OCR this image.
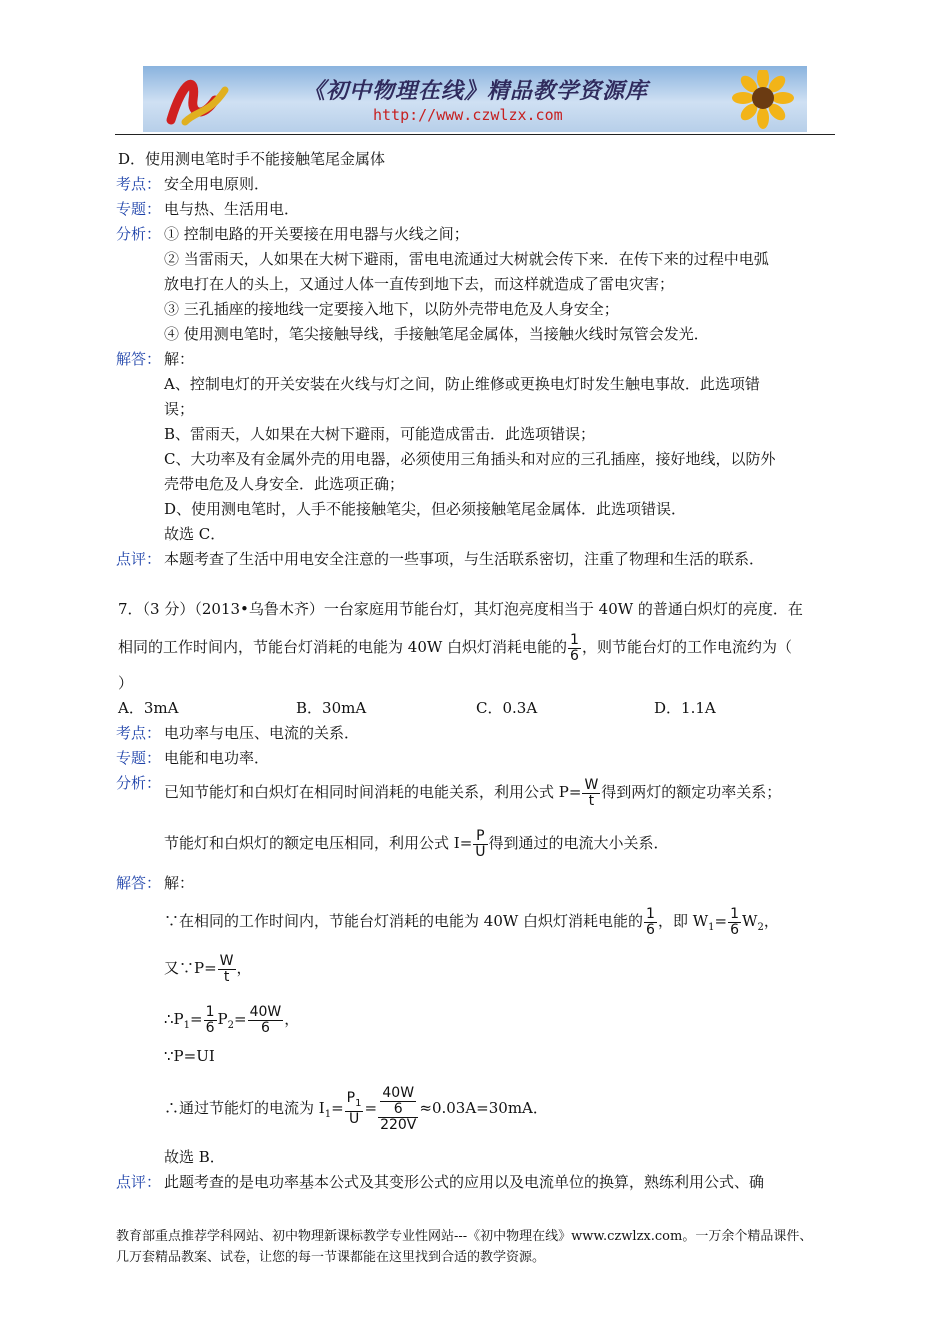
《初中物理在线》精品教学资源库
http://www.czwlzx.com
D．使用测电笔时手不能接触笔尾金属体
考点： 安全用电原则．
专题： 电与热、生活用电．
分析： ① 控制电路的开关要接在用电器与火线之间；
② 当雷雨天，人如果在大树下避雨，雷电电流通过大树就会传下来．在传下来的过程中电弧
放电打在人的头上，又通过人体一直传到地下去，而这样就造成了雷电灾害；
③ 三孔插座的接地线一定要接入地下，以防外壳带电危及人身安全；
④ 使用测电笔时，笔尖接触导线，手接触笔尾金属体，当接触火线时氖管会发光．
解答： 解：
A、控制电灯的开关安装在火线与灯之间，防止维修或更换电灯时发生触电事故．此选项错
误；
B、雷雨天，人如果在大树下避雨，可能造成雷击．此选项错误；
C、大功率及有金属外壳的用电器，必须使用三角插头和对应的三孔插座，接好地线，以防外
壳带电危及人身安全．此选项正确；
D、使用测电笔时，人手不能接触笔尖，但必须接触笔尾金属体．此选项错误．
故选 C．
点评： 本题考查了生活中用电安全注意的一些事项，与生活联系密切，注重了物理和生活的联系．
7．（3 分）（2013•乌鲁木齐）一台家庭用节能台灯，其灯泡亮度相当于 40W 的普通白炽灯的亮度．在
相同的工作时间内，节能台灯消耗的电能为 40W 白炽灯消耗电能的 $\frac{1}{6}$ ，则节能台灯的工作电流约为（
）
A．3mA	B．30mA	C．0.3A	D．1.1A
考点： 电功率与电压、电流的关系．
专题： 电能和电功率．
分析： 已知节能灯和白炽灯在相同时间消耗的电能关系，利用公式 $P= \frac{W}{t}$ 得到两灯的额定功率关系；
节能灯和白炽灯的额定电压相同，利用公式 $I= \frac{P}{U}$ 得到通过的电流大小关系．
解答： 解：
∵在相同的工作时间内，节能台灯消耗的电能为 40W 白炽灯消耗电能的 $\frac{1}{6}$ ，即 $W_1= \frac{1}{6} W_2$，
又∵P= $\frac{W}{t}$ ，
$\therefore P_1= \frac{1}{6} P_2= \frac{40W}{6}$ ，
∵P=UI
∴通过节能灯的电流为 $I_1= \frac{P_1}{U} = \frac{\frac{40W}{6}}{220V} \approx 0.03A=30mA$．
故选 B．
点评： 此题考查的是电功率基本公式及其变形公式的应用以及电流单位的换算，熟练利用公式、确
教育部重点推荐学科网站、初中物理新课标教学专业性网站---《初中物理在线》www.czwlzx.com。一万余个精品课件、
几万套精品教案、试卷，让您的每一节课都能在这里找到合适的教学资源。
